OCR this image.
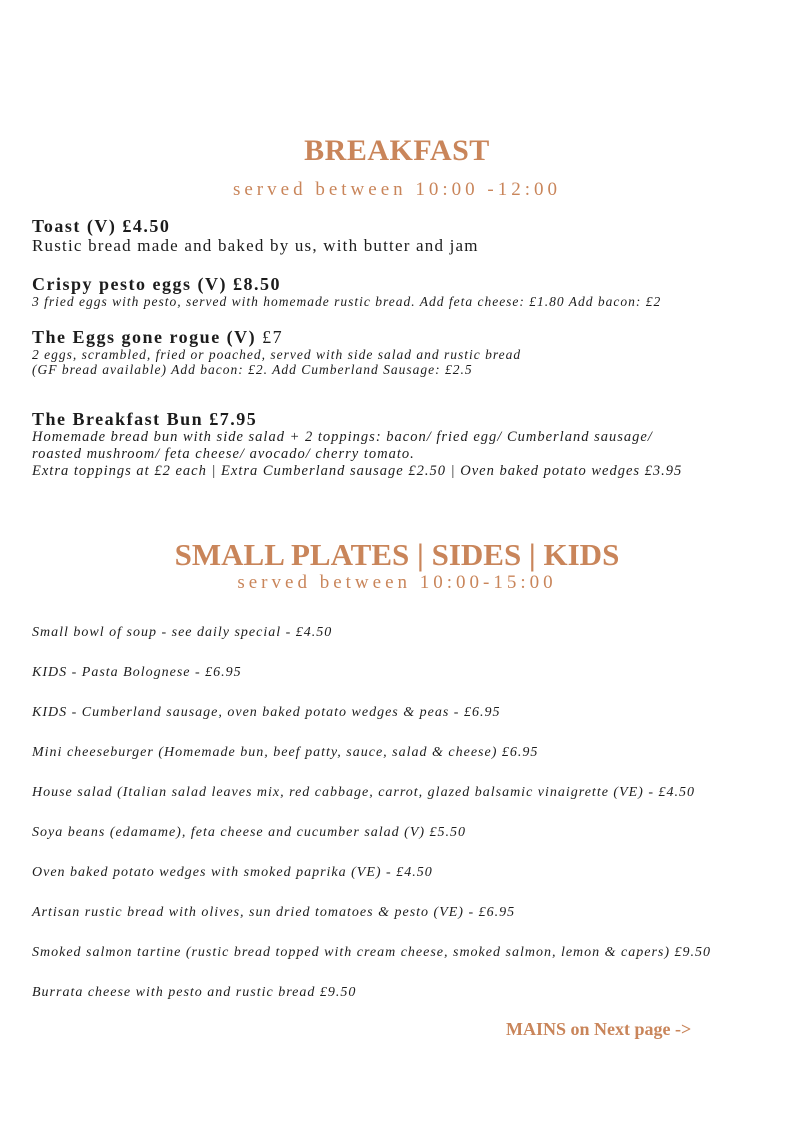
BREAKFAST

served between 10:00 -12:00

Toast (V) £4.50
Rustic bread made and baked by us, with butter and jam
Crispy pesto eggs (V) £8.50
3 fried eggs with pesto, served with homemade rustic bread. Add feta cheese: £1.80 Add bacon: £2
The Eggs gone rogue (V) £7
2 eggs, scrambled, fried or poached, served with side salad and rustic bread
(GF bread available) Add bacon: £2. Add Cumberland Sausage: £2.5
The Breakfast Bun £7.95
Homemade bread bun with side salad + 2 toppings: bacon/ fried egg/ Cumberland sausage/
roasted mushroom/ feta cheese/ avocado/ cherry tomato.
Extra toppings at £2 each | Extra Cumberland sausage £2.50 | Oven baked potato wedges £3.95
SMALL PLATES | SIDES | KIDS

served between 10:00-15:00

Small bowl of soup - see daily special - £4.50
KIDS - Pasta Bolognese - £6.95
KIDS - Cumberland sausage, oven baked potato wedges & peas - £6.95
Mini cheeseburger (Homemade bun, beef patty, sauce, salad & cheese) £6.95
House salad (Italian salad leaves mix, red cabbage, carrot, glazed balsamic vinaigrette (VE) - £4.50
Soya beans (edamame), feta cheese and cucumber salad (V) £5.50
Oven baked potato wedges with smoked paprika (VE) - £4.50
Artisan rustic bread with olives, sun dried tomatoes & pesto (VE) - £6.95
Smoked salmon tartine (rustic bread topped with cream cheese, smoked salmon, lemon & capers) £9.50
Burrata cheese with pesto and rustic bread £9.50
MAINS on Next page ->
